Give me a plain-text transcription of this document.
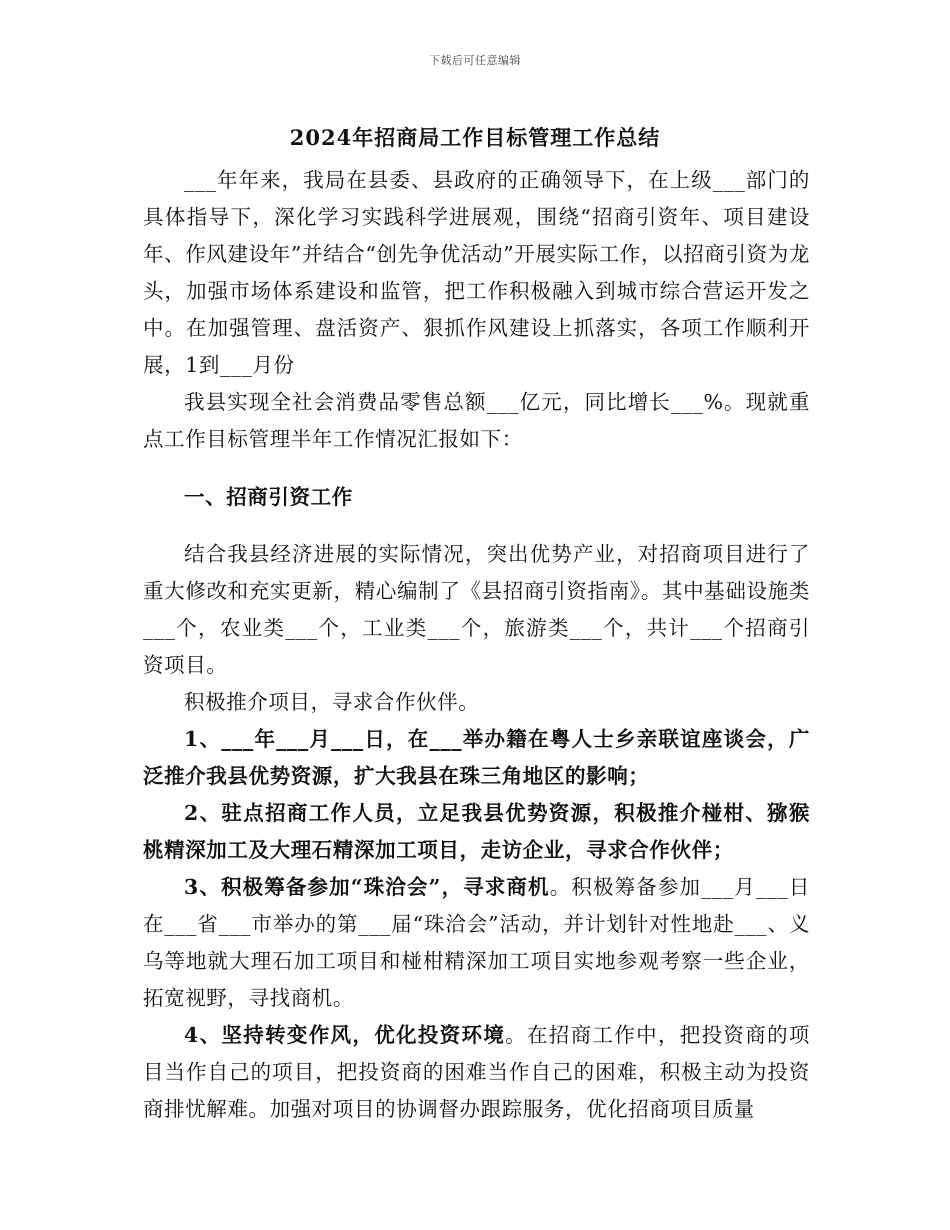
下载后可任意编辑
2024年招商局工作目标管理工作总结

___年年来，我局在县委、县政府的正确领导下，在上级___部门的具体指导下，深化学习实践科学进展观，围绕“招商引资年、项目建设年、作风建设年”并结合“创先争优活动”开展实际工作，以招商引资为龙头，加强市场体系建设和监管，把工作积极融入到城市综合营运开发之中。在加强管理、盘活资产、狠抓作风建设上抓落实，各项工作顺利开展，1到___月份

我县实现全社会消费品零售总额___亿元，同比增长___%。现就重点工作目标管理半年工作情况汇报如下：

一、招商引资工作

结合我县经济进展的实际情况，突出优势产业，对招商项目进行了重大修改和充实更新，精心编制了《县招商引资指南》。其中基础设施类___个，农业类___个，工业类___个，旅游类___个，共计___个招商引资项目。

积极推介项目，寻求合作伙伴。

1、___年___月___日，在___举办籍在粤人士乡亲联谊座谈会，广泛推介我县优势资源，扩大我县在珠三角地区的影响；

2、驻点招商工作人员，立足我县优势资源，积极推介椪柑、猕猴桃精深加工及大理石精深加工项目，走访企业，寻求合作伙伴；

3、积极筹备参加“珠洽会”，寻求商机。积极筹备参加___月___日在___省___市举办的第___届“珠洽会”活动，并计划针对性地赴___、义乌等地就大理石加工项目和椪柑精深加工项目实地参观考察一些企业，拓宽视野，寻找商机。

4、坚持转变作风，优化投资环境。在招商工作中，把投资商的项目当作自己的项目，把投资商的困难当作自己的困难，积极主动为投资商排忧解难。加强对项目的协调督办跟踪服务，优化招商项目质量
